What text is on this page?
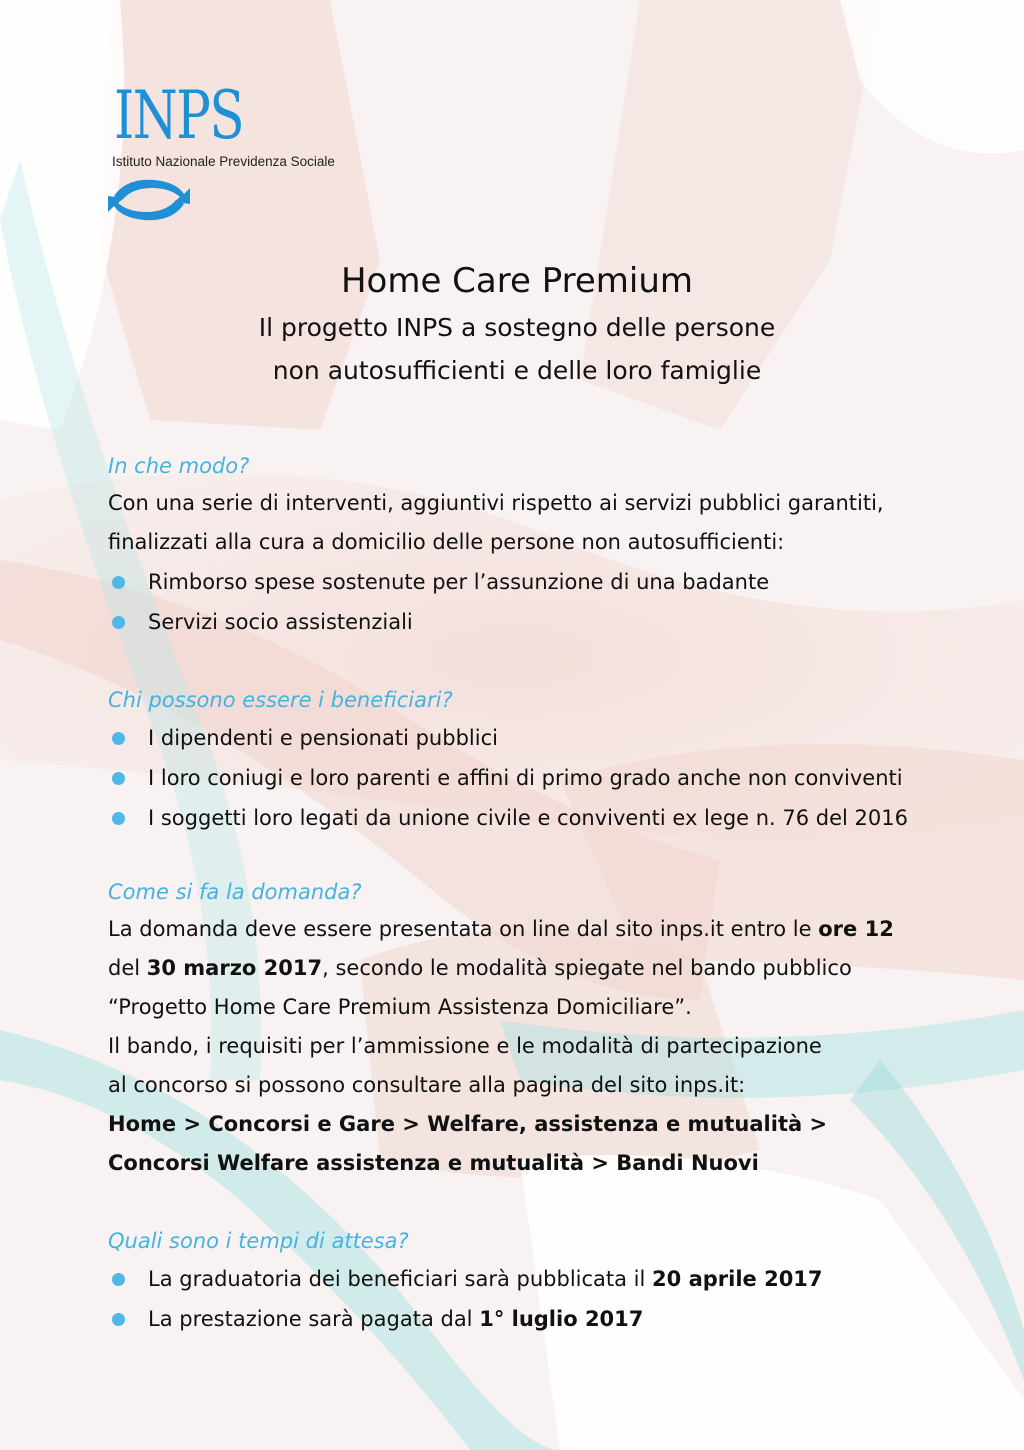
INPS
Istituto Nazionale Previdenza Sociale
Home Care Premium
Il progetto INPS a sostegno delle persone
non autosufficienti e delle loro famiglie
In che modo?
Con una serie di interventi, aggiuntivi rispetto ai servizi pubblici garantiti,
finalizzati alla cura a domicilio delle persone non autosufficienti:
Rimborso spese sostenute per l’assunzione di una badante
Servizi socio assistenziali
Chi possono essere i beneficiari?
I dipendenti e pensionati pubblici
I loro coniugi e loro parenti e affini di primo grado anche non conviventi
I soggetti loro legati da unione civile e conviventi ex lege n. 76 del 2016
Come si fa la domanda?
La domanda deve essere presentata on line dal sito inps.it entro le ore 12
del 30 marzo 2017, secondo le modalità spiegate nel bando pubblico
“Progetto Home Care Premium Assistenza Domiciliare”.
Il bando, i requisiti per l’ammissione e le modalità di partecipazione
al concorso si possono consultare alla pagina del sito inps.it:
Home > Concorsi e Gare > Welfare, assistenza e mutualità >
Concorsi Welfare assistenza e mutualità > Bandi Nuovi
Quali sono i tempi di attesa?
La graduatoria dei beneficiari sarà pubblicata il 20 aprile 2017
La prestazione sarà pagata dal 1° luglio 2017
